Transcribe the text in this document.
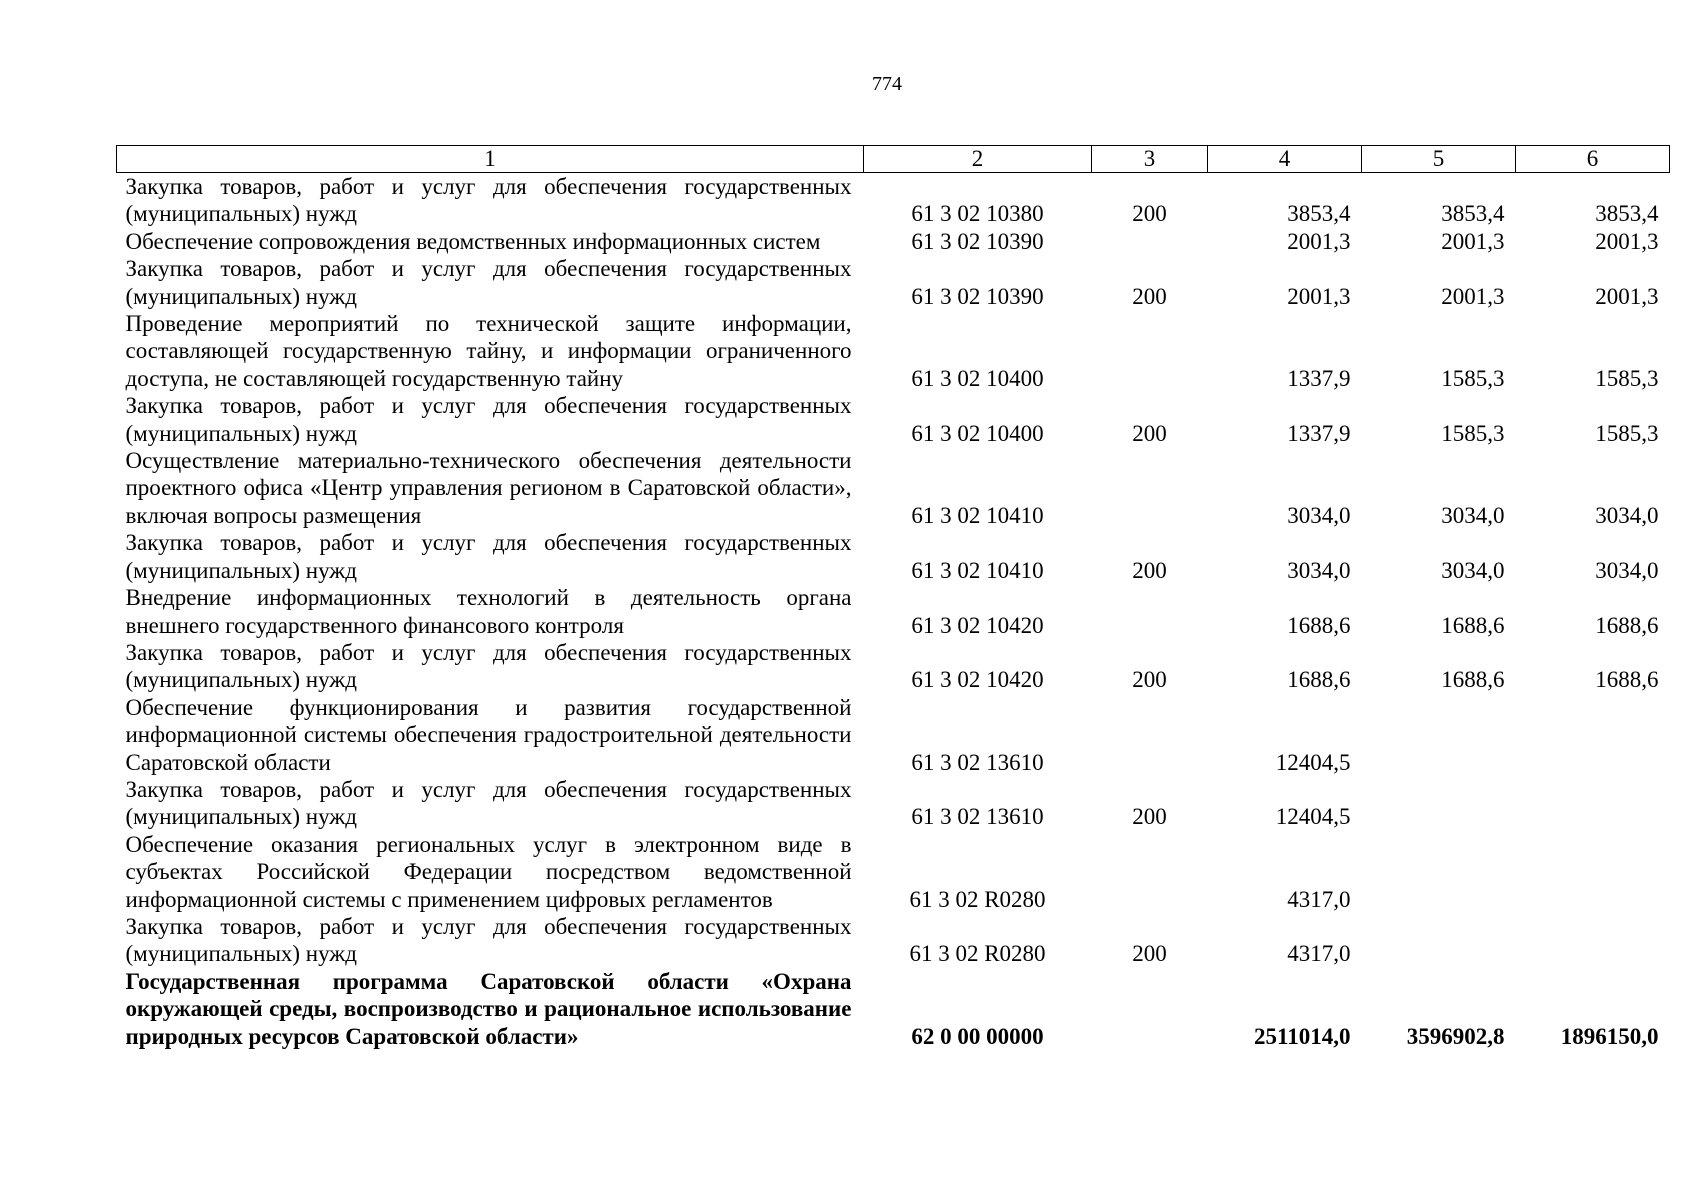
774
1	2	3	4	5	6
Закупка товаров, работ и услуг для обеспечения государственных (муниципальных) нужд	61 3 02 10380	200	3853,4	3853,4	3853,4
Обеспечение сопровождения ведомственных информационных систем	61 3 02 10390		2001,3	2001,3	2001,3
Закупка товаров, работ и услуг для обеспечения государственных (муниципальных) нужд	61 3 02 10390	200	2001,3	2001,3	2001,3
Проведение мероприятий по технической защите информации, составляющей государственную тайну, и информации ограниченного доступа, не составляющей государственную тайну	61 3 02 10400		1337,9	1585,3	1585,3
Закупка товаров, работ и услуг для обеспечения государственных (муниципальных) нужд	61 3 02 10400	200	1337,9	1585,3	1585,3
Осуществление материально-технического обеспечения деятельности проектного офиса «Центр управления регионом в Саратовской области», включая вопросы размещения	61 3 02 10410		3034,0	3034,0	3034,0
Закупка товаров, работ и услуг для обеспечения государственных (муниципальных) нужд	61 3 02 10410	200	3034,0	3034,0	3034,0
Внедрение информационных технологий в деятельность органа внешнего государственного финансового контроля	61 3 02 10420		1688,6	1688,6	1688,6
Закупка товаров, работ и услуг для обеспечения государственных (муниципальных) нужд	61 3 02 10420	200	1688,6	1688,6	1688,6
Обеспечение функционирования и развития государственной информационной системы обеспечения градостроительной деятельности Саратовской области	61 3 02 13610		12404,5		
Закупка товаров, работ и услуг для обеспечения государственных (муниципальных) нужд	61 3 02 13610	200	12404,5		
Обеспечение оказания региональных услуг в электронном виде в субъектах Российской Федерации посредством ведомственной информационной системы с применением цифровых регламентов	61 3 02 R0280		4317,0		
Закупка товаров, работ и услуг для обеспечения государственных (муниципальных) нужд	61 3 02 R0280	200	4317,0		
Государственная программа Саратовской области «Охрана окружающей среды, воспроизводство и рациональное использование природных ресурсов Саратовской области»	62 0 00 00000		2511014,0	3596902,8	1896150,0
